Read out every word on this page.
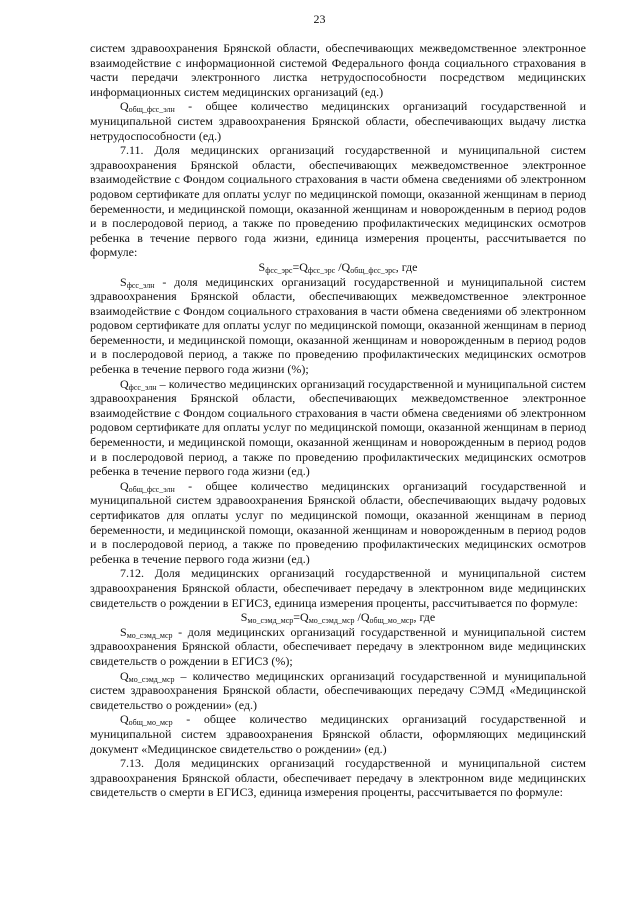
23

систем здравоохранения Брянской области, обеспечивающих межведомственное электронное взаимодействие с информационной системой Федерального фонда социального страхования в части передачи электронного листка нетрудоспособности посредством медицинских информационных систем медицинских организаций (ед.)

$Q_{общ\_фсс\_элн}$ - общее количество медицинских организаций государственной и муниципальной систем здравоохранения Брянской области, обеспечивающих выдачу листка нетрудоспособности (ед.)

7.11. Доля медицинских организаций государственной и муниципальной систем здравоохранения Брянской области, обеспечивающих межведомственное электронное взаимодействие с Фондом социального страхования в части обмена сведениями об электронном родовом сертификате для оплаты услуг по медицинской помощи, оказанной женщинам в период беременности, и медицинской помощи, оказанной женщинам и новорожденным в период родов и в послеродовой период, а также по проведению профилактических медицинских осмотров ребенка в течение первого года жизни, единица измерения проценты, рассчитывается по формуле:

$S_{фсс\_эрс}=Q_{фсс\_эрс}$ $/Q_{общ\_фсс\_эрс}$, где

$S_{фсс\_элн}$ - доля медицинских организаций государственной и муниципальной систем здравоохранения Брянской области, обеспечивающих межведомственное электронное взаимодействие с Фондом социального страхования в части обмена сведениями об электронном родовом сертификате для оплаты услуг по медицинской помощи, оказанной женщинам в период беременности, и медицинской помощи, оказанной женщинам и новорожденным в период родов и в послеродовой период, а также по проведению профилактических медицинских осмотров ребенка в течение первого года жизни (%);

$Q_{фсс\_элн}$ – количество медицинских организаций государственной и муниципальной систем здравоохранения Брянской области, обеспечивающих межведомственное электронное взаимодействие с Фондом социального страхования в части обмена сведениями об электронном родовом сертификате для оплаты услуг по медицинской помощи, оказанной женщинам в период беременности, и медицинской помощи, оказанной женщинам и новорожденным в период родов и в послеродовой период, а также по проведению профилактических медицинских осмотров ребенка в течение первого года жизни (ед.)

$Q_{общ\_фсс\_элн}$ - общее количество медицинских организаций государственной и муниципальной систем здравоохранения Брянской области, обеспечивающих выдачу родовых сертификатов для оплаты услуг по медицинской помощи, оказанной женщинам в период беременности, и медицинской помощи, оказанной женщинам и новорожденным в период родов и в послеродовой период, а также по проведению профилактических медицинских осмотров ребенка в течение первого года жизни (ед.)

7.12. Доля медицинских организаций государственной и муниципальной систем здравоохранения Брянской области, обеспечивает передачу в электронном виде медицинских свидетельств о рождении в ЕГИСЗ, единица измерения проценты, рассчитывается по формуле:

$S_{мо\_сэмд\_мср}=Q_{мо\_сэмд\_мср}$ $/Q_{общ\_мо\_мср}$, где

$S_{мо\_сэмд\_мср}$ - доля медицинских организаций государственной и муниципальной систем здравоохранения Брянской области, обеспечивает передачу в электронном виде медицинских свидетельств о рождении в ЕГИСЗ (%);

$Q_{мо\_сэмд\_мср}$ – количество медицинских организаций государственной и муниципальной систем здравоохранения Брянской области, обеспечивающих передачу СЭМД «Медицинской свидетельство о рождении» (ед.)

$Q_{общ\_мо\_мср}$ - общее количество медицинских организаций государственной и муниципальной систем здравоохранения Брянской области, оформляющих медицинский документ «Медицинское свидетельство о рождении» (ед.)

7.13. Доля медицинских организаций государственной и муниципальной систем здравоохранения Брянской области, обеспечивает передачу в электронном виде медицинских свидетельств о смерти в ЕГИСЗ, единица измерения проценты, рассчитывается по формуле:
